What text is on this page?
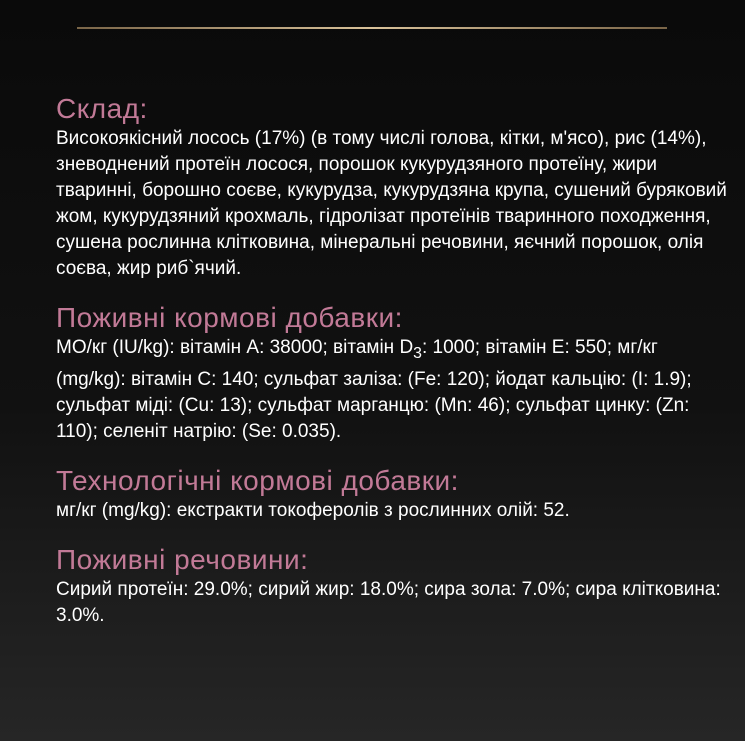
Склад:

Високоякісний лосось (17%) (в тому числі голова, кітки, м'ясо), рис (14%), зневоднений протеїн лосося, порошок кукурудзяного протеїну, жири тваринні, борошно соєве, кукурудза, кукурудзяна крупа, сушений буряковий жом, кукурудзяний крохмаль, гідролізат протеїнів тваринного походження, сушена рослинна клітковина, мінеральні речовини, яєчний порошок, олія соєва, жир риб`ячий.

Поживні кормові добавки:

МО/кг (IU/kg): вітамін А: 38000; вітамін $D_3$: 1000; вітамін Е: 550; мг/кг (mg/kg): вітамін С: 140; сульфат заліза: (Fe: 120); йодат кальцію: (I: 1.9); сульфат міді: (Cu: 13); сульфат марганцю: (Mn: 46); сульфат цинку: (Zn: 110); селеніт натрію: (Se: 0.035).

Технологічні кормові добавки:

мг/кг (mg/kg): екстракти токоферолів з рослинних олій: 52.

Поживні речовини:

Сирий протеїн: 29.0%; сирий жир: 18.0%; сира зола: 7.0%; сира клітковина: 3.0%.
